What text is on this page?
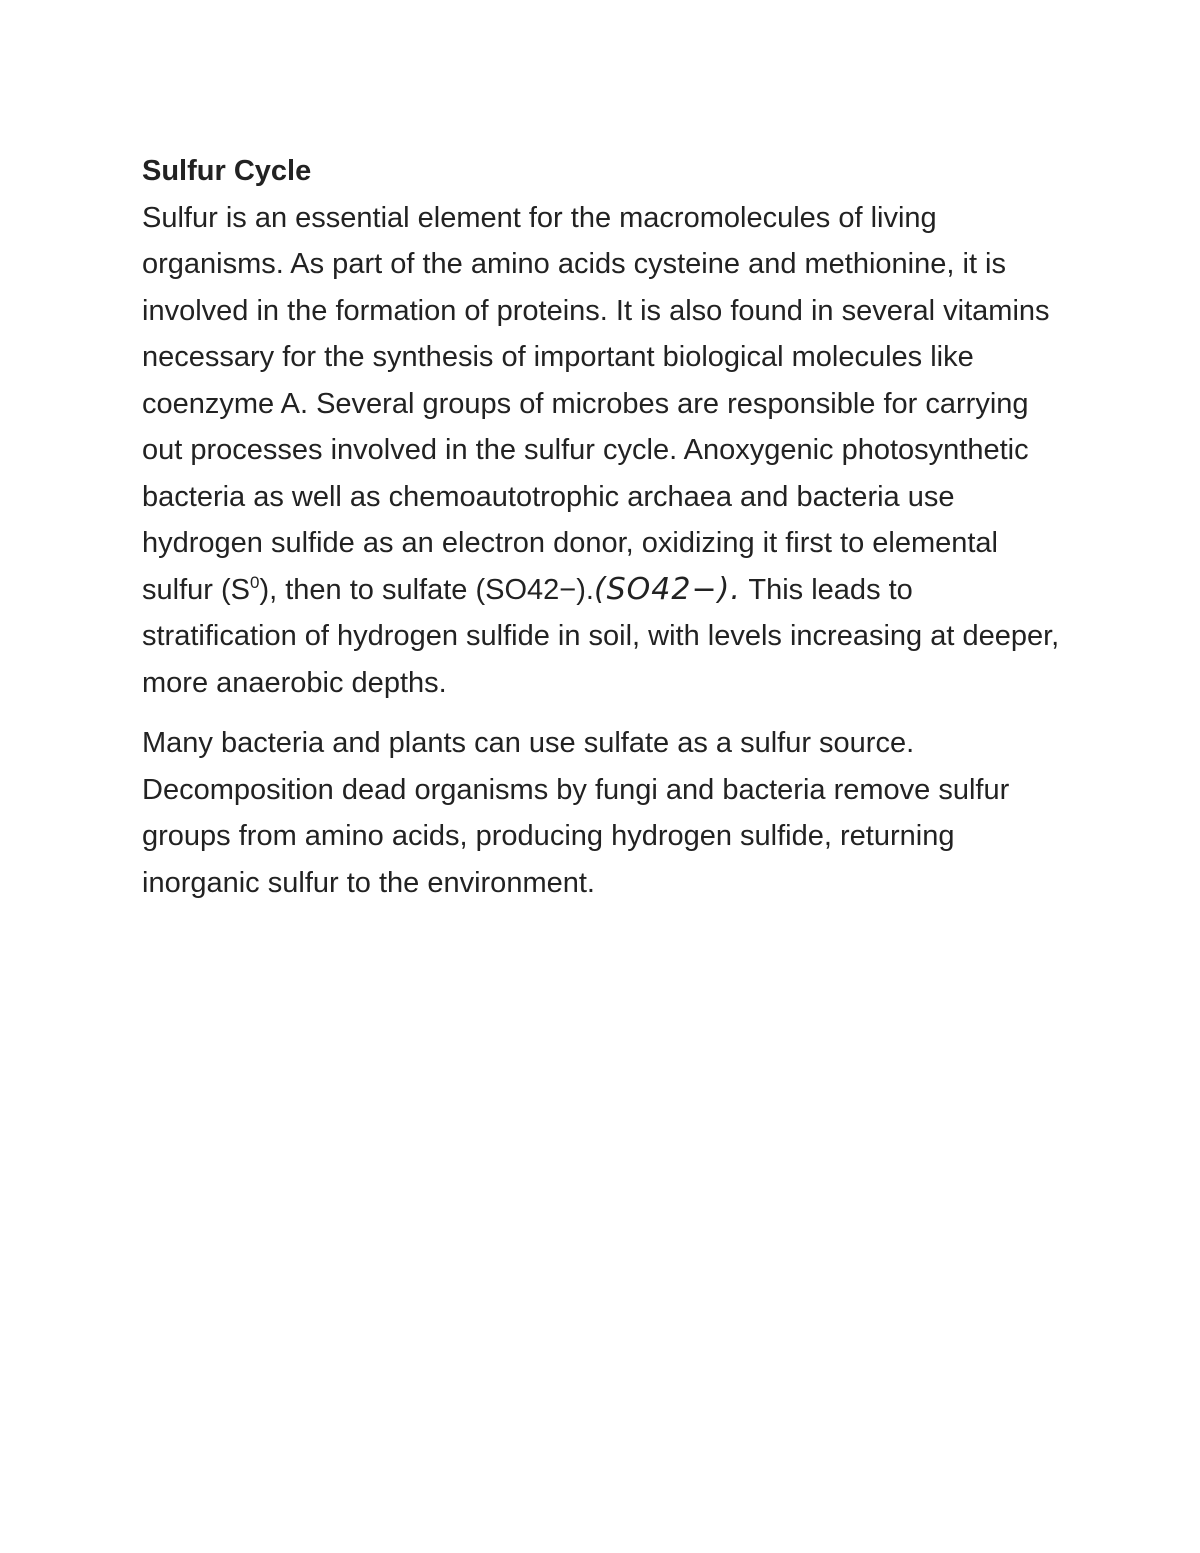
Sulfur Cycle

Sulfur is an essential element for the macromolecules of living organisms. As part of the amino acids cysteine and methionine, it is involved in the formation of proteins. It is also found in several vitamins necessary for the synthesis of important biological molecules like coenzyme A. Several groups of microbes are responsible for carrying out processes involved in the sulfur cycle. Anoxygenic photosynthetic bacteria as well as chemoautotrophic archaea and bacteria use hydrogen sulfide as an electron donor, oxidizing it first to elemental sulfur $(S^0)$, then to sulfate (SO42−).(SO42−). This leads to stratification of hydrogen sulfide in soil, with levels increasing at deeper, more anaerobic depths.

Many bacteria and plants can use sulfate as a sulfur source. Decomposition dead organisms by fungi and bacteria remove sulfur groups from amino acids, producing hydrogen sulfide, returning inorganic sulfur to the environment.
